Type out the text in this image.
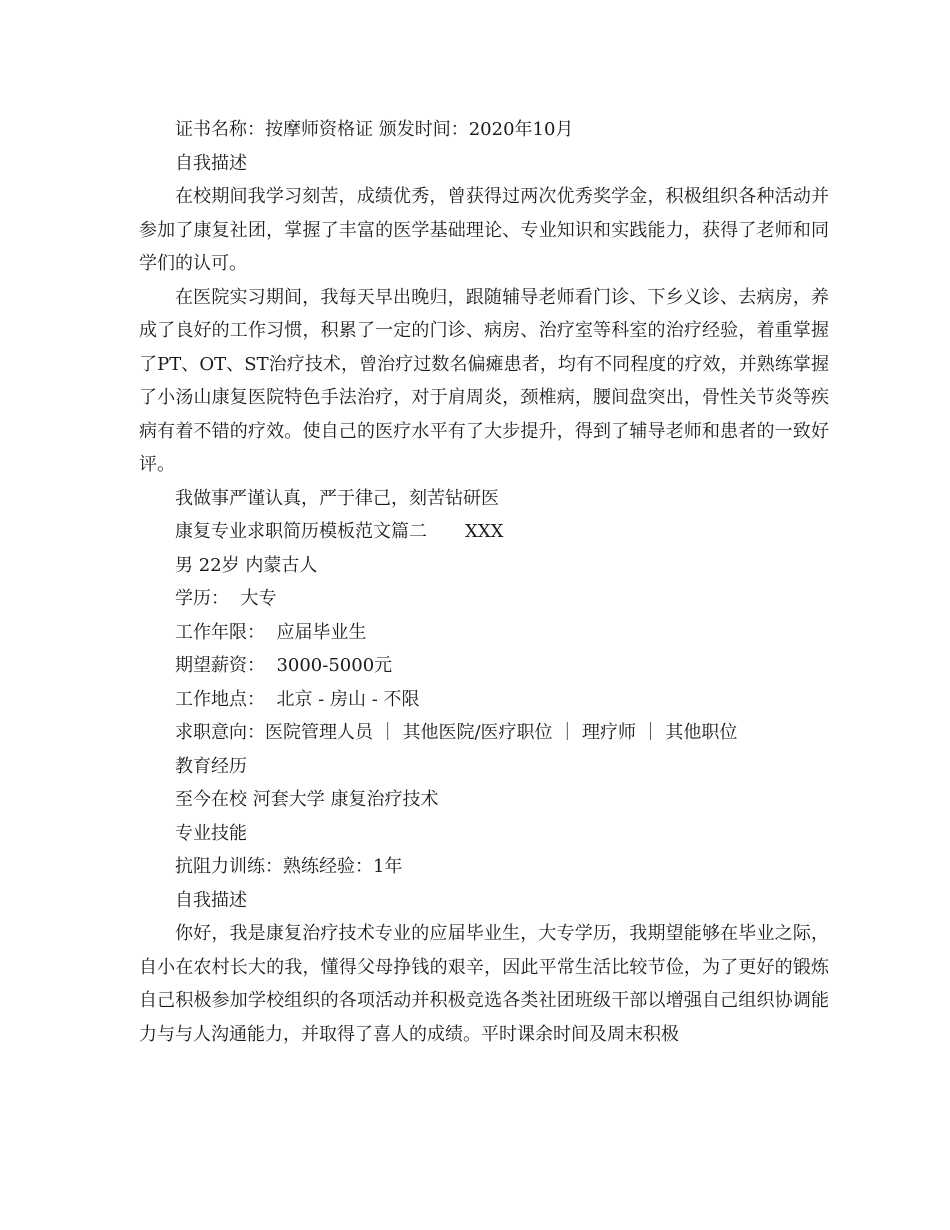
证书名称：按摩师资格证 颁发时间：2020年10月

自我描述

在校期间我学习刻苦，成绩优秀，曾获得过两次优秀奖学金，积极组织各种活动并参加了康复社团，掌握了丰富的医学基础理论、专业知识和实践能力，获得了老师和同学们的认可。

在医院实习期间，我每天早出晚归，跟随辅导老师看门诊、下乡义诊、去病房，养成了良好的工作习惯，积累了一定的门诊、病房、治疗室等科室的治疗经验，着重掌握了PT、OT、ST治疗技术，曾治疗过数名偏瘫患者，均有不同程度的疗效，并熟练掌握了小汤山康复医院特色手法治疗，对于肩周炎，颈椎病，腰间盘突出，骨性关节炎等疾病有着不错的疗效。使自己的医疗水平有了大步提升，得到了辅导老师和患者的一致好评。

我做事严谨认真，严于律己，刻苦钻研医

康复专业求职简历模板范文篇二 XXX

男 22岁 内蒙古人

学历： 大专

工作年限： 应届毕业生

期望薪资： 3000-5000元

工作地点： 北京 - 房山 - 不限

求职意向：医院管理人员 ｜ 其他医院/医疗职位 ｜ 理疗师 ｜ 其他职位

教育经历

至今在校 河套大学 康复治疗技术

专业技能

抗阻力训练：熟练经验：1年

自我描述

你好，我是康复治疗技术专业的应届毕业生，大专学历，我期望能够在毕业之际，自小在农村长大的我，懂得父母挣钱的艰辛，因此平常生活比较节俭，为了更好的锻炼自己积极参加学校组织的各项活动并积极竞选各类社团班级干部以增强自己组织协调能力与与人沟通能力，并取得了喜人的成绩。平时课余时间及周末积极
